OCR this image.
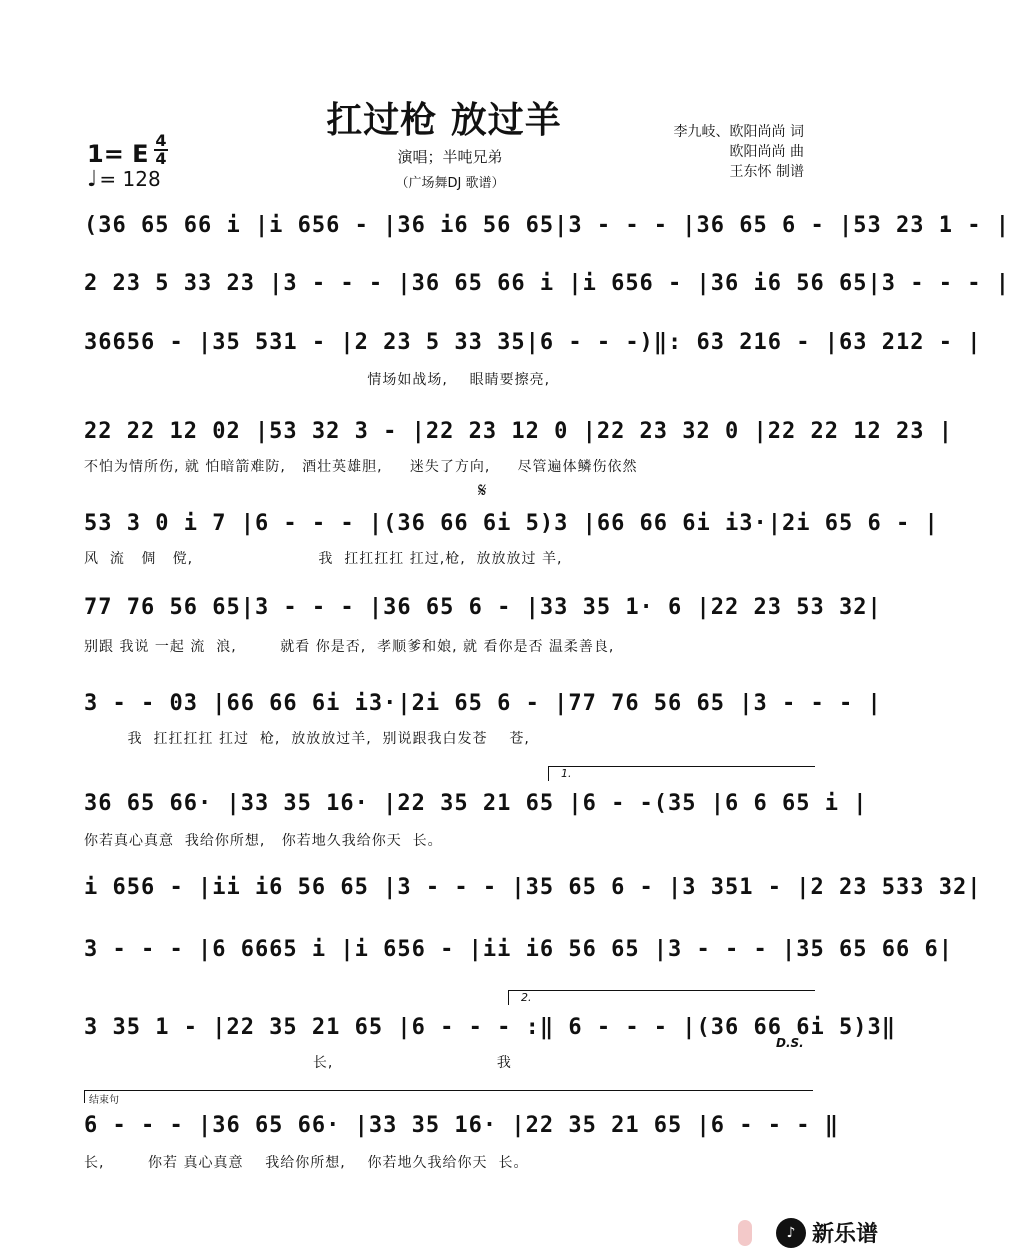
扛过枪 放过羊
演唱；半吨兄弟
（广场舞DJ 歌谱）
李九岐、欧阳尚尚 词
欧阳尚尚 曲
王东怀 制谱
1= E 4
4
♩ = 128
(36 65 66 i |i 656 - |36 i6 56 65|3 - - - |36 65 6 - |53 23 1 - |
2 23 5 33 23 |3 - - - |36 65 66 i |i 656 - |36 i6 56 65|3 - - - |
36656 - |35 531 - |2 23 5 33 35|6 - - -)‖: 63 216 - |63 212 - |
情场如战场,    眼睛要擦亮,
22 22 12 02 |53 32 3 - |22 23 12 0 |22 23 32 0 |22 22 12 23 |
不怕为情所伤, 就 怕暗箭难防,   酒壮英雄胆,     迷失了方向,     尽管遍体鳞伤依然
𝄋
53 3 0 i 7 |6 - - - |(36 66 6i 5)3 |66 66 6i i3·|2i 65 6 - |
风  流   倜   傥,                       我  扛扛扛扛 扛过,枪,  放放放过 羊,
77 76 56 65|3 - - - |36 65 6 - |33 35 1· 6 |22 23 53 32|
别跟 我说 一起 流  浪,        就看 你是否,  孝顺爹和娘, 就 看你是否 温柔善良,
3 - - 03 |66 66 6i i3·|2i 65 6 - |77 76 56 65 |3 - - - |
我  扛扛扛扛 扛过  枪,  放放放过羊,  别说跟我白发苍    苍,
1.
36 65 66· |33 35 16· |22 35 21 65 |6 - -(35 |6 6 65 i |
你若真心真意  我给你所想,   你若地久我给你天  长。
i 656 - |ii i6 56 65 |3 - - - |35 65 6 - |3 351 - |2 23 533 32|
3 - - - |6 6665 i |i 656 - |ii i6 56 65 |3 - - - |35 65 66 6|
2.
3 35 1 - |22 35 21 65 |6 - - - :‖ 6 - - - |(36 66 6i 5)3‖
长,                              我
D.S.
结束句
6 - - - |36 65 66· |33 35 16· |22 35 21 65 |6 - - - ‖
长,        你若 真心真意    我给你所想,    你若地久我给你天  长。
♪ 新乐谱
